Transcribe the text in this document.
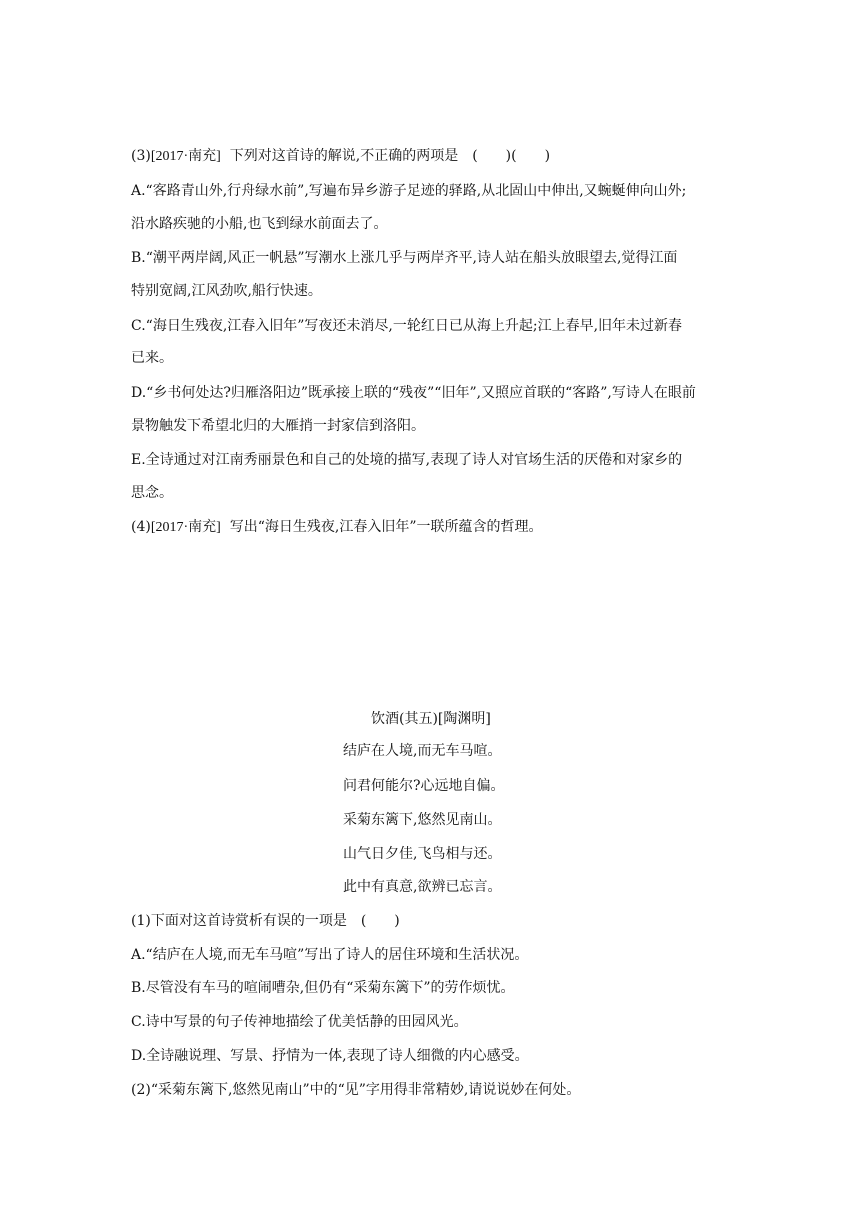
(3)[2017·南充] 下列对这首诗的解说,不正确的两项是　(　　)(　　)
A.“客路青山外,行舟绿水前”,写遍布异乡游子足迹的驿路,从北固山中伸出,又蜿蜒伸向山外;
沿水路疾驰的小船,也飞到绿水前面去了。
B.“潮平两岸阔,风正一帆悬”写潮水上涨几乎与两岸齐平,诗人站在船头放眼望去,觉得江面
特别宽阔,江风劲吹,船行快速。
C.“海日生残夜,江春入旧年”写夜还未消尽,一轮红日已从海上升起;江上春早,旧年未过新春
已来。
D.“乡书何处达?归雁洛阳边”既承接上联的“残夜”“旧年”,又照应首联的“客路”,写诗人在眼前
景物触发下希望北归的大雁捎一封家信到洛阳。
E.全诗通过对江南秀丽景色和自己的处境的描写,表现了诗人对官场生活的厌倦和对家乡的
思念。
(4)[2017·南充] 写出“海日生残夜,江春入旧年”一联所蕴含的哲理。
饮酒(其五)[陶渊明]
结庐在人境,而无车马喧。
问君何能尔?心远地自偏。
采菊东篱下,悠然见南山。
山气日夕佳,飞鸟相与还。
此中有真意,欲辨已忘言。
(1)下面对这首诗赏析有误的一项是　(　　)
A.“结庐在人境,而无车马喧”写出了诗人的居住环境和生活状况。
B.尽管没有车马的喧闹嘈杂,但仍有“采菊东篱下”的劳作烦忧。
C.诗中写景的句子传神地描绘了优美恬静的田园风光。
D.全诗融说理、写景、抒情为一体,表现了诗人细微的内心感受。
(2)“采菊东篱下,悠然见南山”中的“见”字用得非常精妙,请说说妙在何处。
